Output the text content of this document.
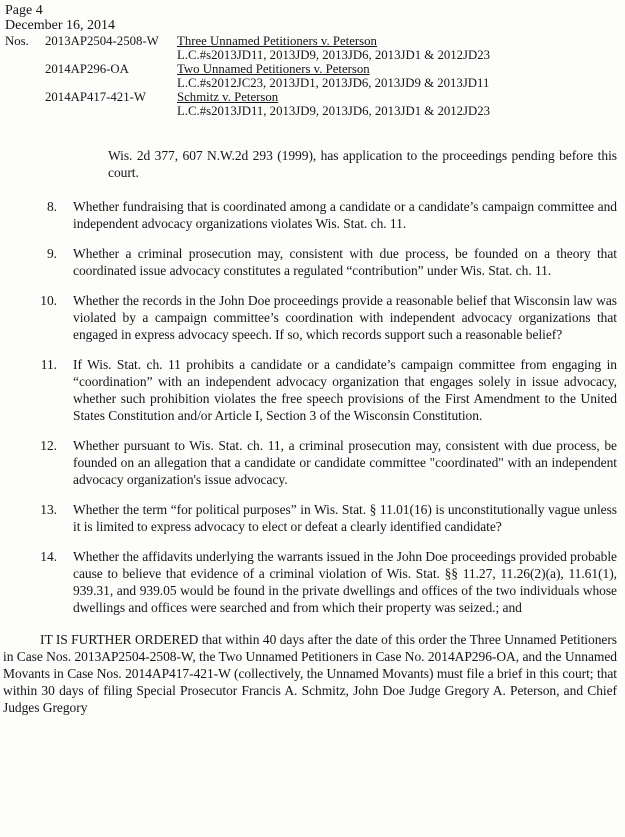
Page 4
December 16, 2014
Nos. 2013AP2504-2508-W	Three Unnamed Petitioners v. Peterson
L.C.#s2013JD11, 2013JD9, 2013JD6, 2013JD1 & 2012JD23
2014AP296-OA	Two Unnamed Petitioners v. Peterson
L.C.#s2012JC23, 2013JD1, 2013JD6, 2013JD9 & 2013JD11
2014AP417-421-W	Schmitz v. Peterson
L.C.#s2013JD11, 2013JD9, 2013JD6, 2013JD1 & 2012JD23
Wis. 2d 377, 607 N.W.2d 293 (1999), has application to the proceedings pending before this court.
8. Whether fundraising that is coordinated among a candidate or a candidate’s campaign committee and independent advocacy organizations violates Wis. Stat. ch. 11.
9. Whether a criminal prosecution may, consistent with due process, be founded on a theory that coordinated issue advocacy constitutes a regulated “contribution” under Wis. Stat. ch. 11.
10. Whether the records in the John Doe proceedings provide a reasonable belief that Wisconsin law was violated by a campaign committee’s coordination with independent advocacy organizations that engaged in express advocacy speech. If so, which records support such a reasonable belief?
11. If Wis. Stat. ch. 11 prohibits a candidate or a candidate’s campaign committee from engaging in “coordination” with an independent advocacy organization that engages solely in issue advocacy, whether such prohibition violates the free speech provisions of the First Amendment to the United States Constitution and/or Article I, Section 3 of the Wisconsin Constitution.
12. Whether pursuant to Wis. Stat. ch. 11, a criminal prosecution may, consistent with due process, be founded on an allegation that a candidate or candidate committee "coordinated" with an independent advocacy organization's issue advocacy.
13. Whether the term “for political purposes” in Wis. Stat. § 11.01(16) is unconstitutionally vague unless it is limited to express advocacy to elect or defeat a clearly identified candidate?
14. Whether the affidavits underlying the warrants issued in the John Doe proceedings provided probable cause to believe that evidence of a criminal violation of Wis. Stat. §§ 11.27, 11.26(2)(a), 11.61(1), 939.31, and 939.05 would be found in the private dwellings and offices of the two individuals whose dwellings and offices were searched and from which their property was seized.; and
IT IS FURTHER ORDERED that within 40 days after the date of this order the Three Unnamed Petitioners in Case Nos. 2013AP2504-2508-W, the Two Unnamed Petitioners in Case No. 2014AP296-OA, and the Unnamed Movants in Case Nos. 2014AP417-421-W (collectively, the Unnamed Movants) must file a brief in this court; that within 30 days of filing Special Prosecutor Francis A. Schmitz, John Doe Judge Gregory A. Peterson, and Chief Judges Gregory
